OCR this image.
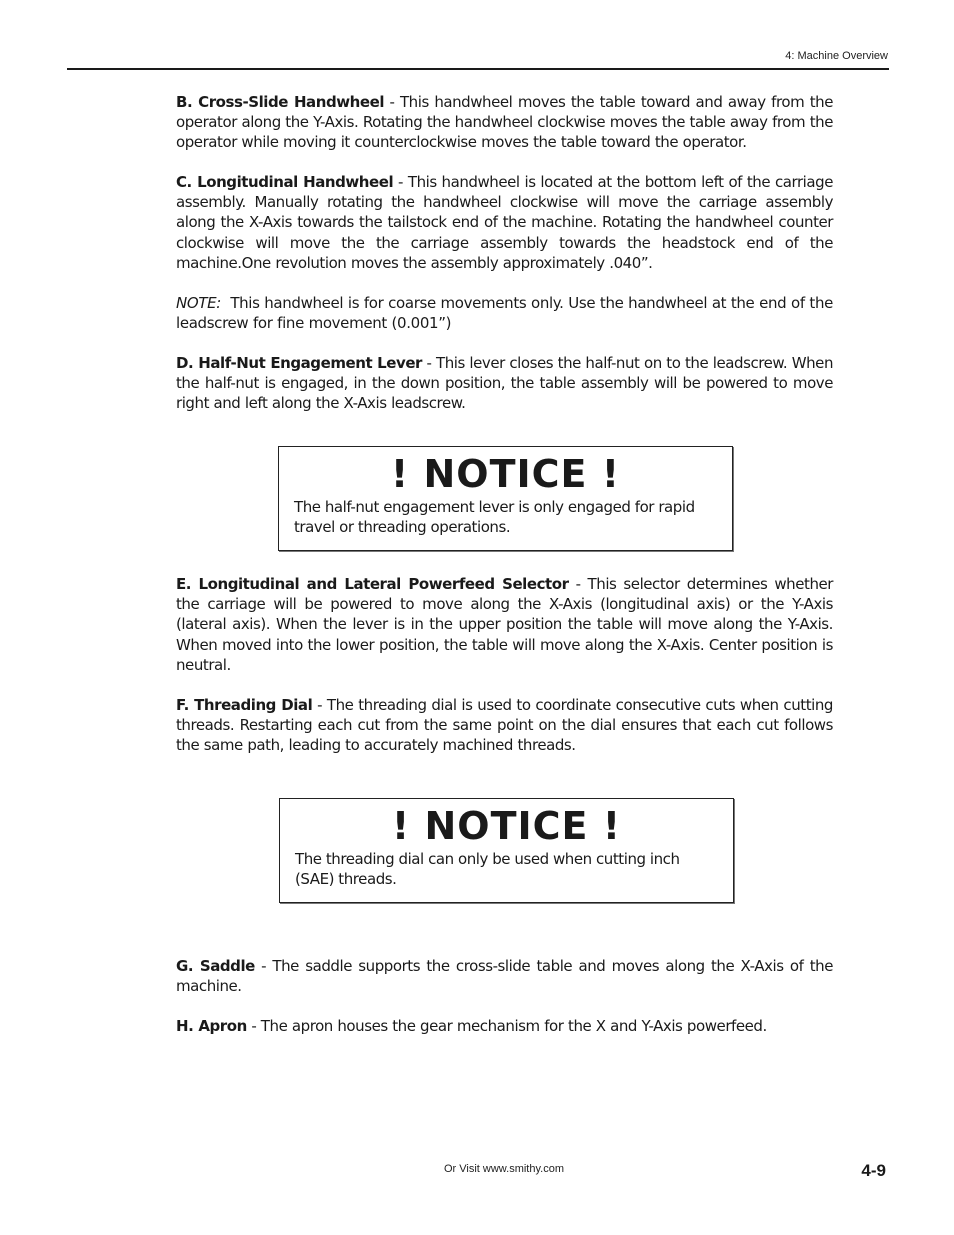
4: Machine Overview

B. Cross-Slide Handwheel - This handwheel moves the table toward and away from the operator along the Y-Axis. Rotating the handwheel clockwise moves the table away from the operator while moving it counterclockwise moves the table toward the operator.

C. Longitudinal Handwheel - This handwheel is located at the bottom left of the carriage assembly. Manually rotating the handwheel clockwise will move the carriage assembly along the X-Axis towards the tailstock end of the machine. Rotating the handwheel counter clockwise will move the the carriage assembly towards the headstock end of the machine.One revolution moves the assembly approximately .040”.

NOTE:  This handwheel is for coarse movements only. Use the handwheel at the end of the leadscrew for fine movement (0.001”)

D. Half-Nut Engagement Lever - This lever closes the half-nut on to the leadscrew. When the half-nut is engaged, in the down position, the table assembly will be powered to move right and left along the X-Axis leadscrew.

! NOTICE !
The half-nut engagement lever is only engaged for rapid travel or threading operations.

E. Longitudinal and Lateral Powerfeed Selector - This selector determines whether the carriage will be powered to move along the X-Axis (longitudinal axis) or the Y-Axis (lateral axis). When the lever is in the upper position the table will move along the Y-Axis. When moved into the lower position, the table will move along the X-Axis. Center position is neutral.

F. Threading Dial - The threading dial is used to coordinate consecutive cuts when cutting threads. Restarting each cut from the same point on the dial ensures that each cut follows the same path, leading to accurately machined threads.

! NOTICE !
The threading dial can only be used when cutting inch (SAE) threads.

G. Saddle - The saddle supports the cross-slide table and moves along the X-Axis of the machine.

H. Apron - The apron houses the gear mechanism for the X and Y-Axis powerfeed.

Or Visit www.smithy.com	4-9
